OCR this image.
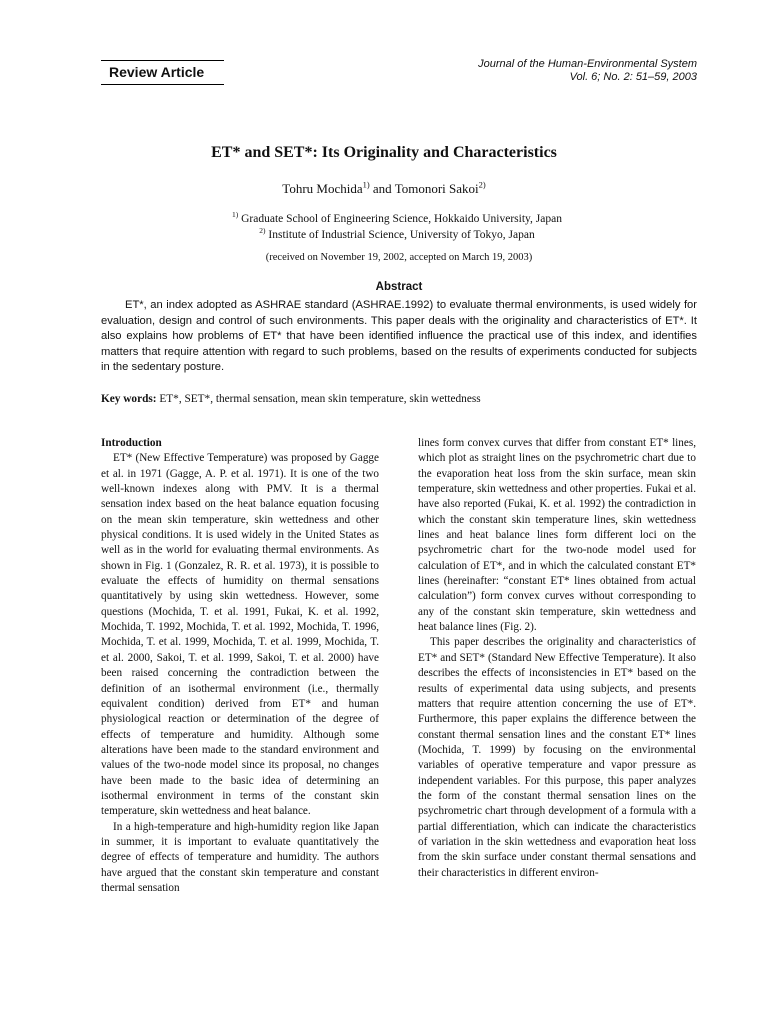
Review Article	Journal of the Human-Environmental System
Vol. 6; No. 2: 51–59, 2003
ET* and SET*: Its Originality and Characteristics
Tohru Mochida$^{1)}$ and Tomonori Sakoi$^{2)}$
$^{1)}$ Graduate School of Engineering Science, Hokkaido University, Japan
$^{2)}$ Institute of Industrial Science, University of Tokyo, Japan
(received on November 19, 2002, accepted on March 19, 2003)
Abstract

ET*, an index adopted as ASHRAE standard (ASHRAE.1992) to evaluate thermal environments, is used widely for evaluation, design and control of such environments. This paper deals with the originality and characteristics of ET*. It also explains how problems of ET* that have been identified influence the practical use of this index, and identifies matters that require attention with regard to such problems, based on the results of experiments conducted for subjects in the sedentary posture.

Key words: ET*, SET*, thermal sensation, mean skin temperature, skin wettedness
Introduction

ET* (New Effective Temperature) was proposed by Gagge et al. in 1971 (Gagge, A. P. et al. 1971). It is one of the two well-known indexes along with PMV. It is a thermal sensation index based on the heat balance equation focusing on the mean skin temperature, skin wettedness and other physical conditions. It is used widely in the United States as well as in the world for evaluating thermal environments. As shown in Fig. 1 (Gonzalez, R. R. et al. 1973), it is possible to evaluate the effects of humidity on thermal sensations quantitatively by using skin wettedness. However, some questions (Mochida, T. et al. 1991, Fukai, K. et al. 1992, Mochida, T. 1992, Mochida, T. et al. 1992, Mochida, T. 1996, Mochida, T. et al. 1999, Mochida, T. et al. 1999, Mochida, T. et al. 2000, Sakoi, T. et al. 1999, Sakoi, T. et al. 2000) have been raised concerning the contradiction between the definition of an isothermal environment (i.e., thermally equivalent condition) derived from ET* and human physiological reaction or determination of the degree of effects of temperature and humidity. Although some alterations have been made to the standard environment and values of the two-node model since its proposal, no changes have been made to the basic idea of determining an isothermal environment in terms of the constant skin temperature, skin wettedness and heat balance.

In a high-temperature and high-humidity region like Japan in summer, it is important to evaluate quantitatively the degree of effects of temperature and humidity. The authors have argued that the constant skin temperature and constant thermal sensation

lines form convex curves that differ from constant ET* lines, which plot as straight lines on the psychrometric chart due to the evaporation heat loss from the skin surface, mean skin temperature, skin wettedness and other properties. Fukai et al. have also reported (Fukai, K. et al. 1992) the contradiction in which the constant skin temperature lines, skin wettedness lines and heat balance lines form different loci on the psychrometric chart for the two-node model used for calculation of ET*, and in which the calculated constant ET* lines (hereinafter: “constant ET* lines obtained from actual calculation”) form convex curves without corresponding to any of the constant skin temperature, skin wettedness and heat balance lines (Fig. 2).

This paper describes the originality and characteristics of ET* and SET* (Standard New Effective Temperature). It also describes the effects of inconsistencies in ET* based on the results of experimental data using subjects, and presents matters that require attention concerning the use of ET*. Furthermore, this paper explains the difference between the constant thermal sensation lines and the constant ET* lines (Mochida, T. 1999) by focusing on the environmental variables of operative temperature and vapor pressure as independent variables. For this purpose, this paper analyzes the form of the constant thermal sensation lines on the psychrometric chart through development of a formula with a partial differentiation, which can indicate the characteristics of variation in the skin wettedness and evaporation heat loss from the skin surface under constant thermal sensations and their characteristics in different environ-
